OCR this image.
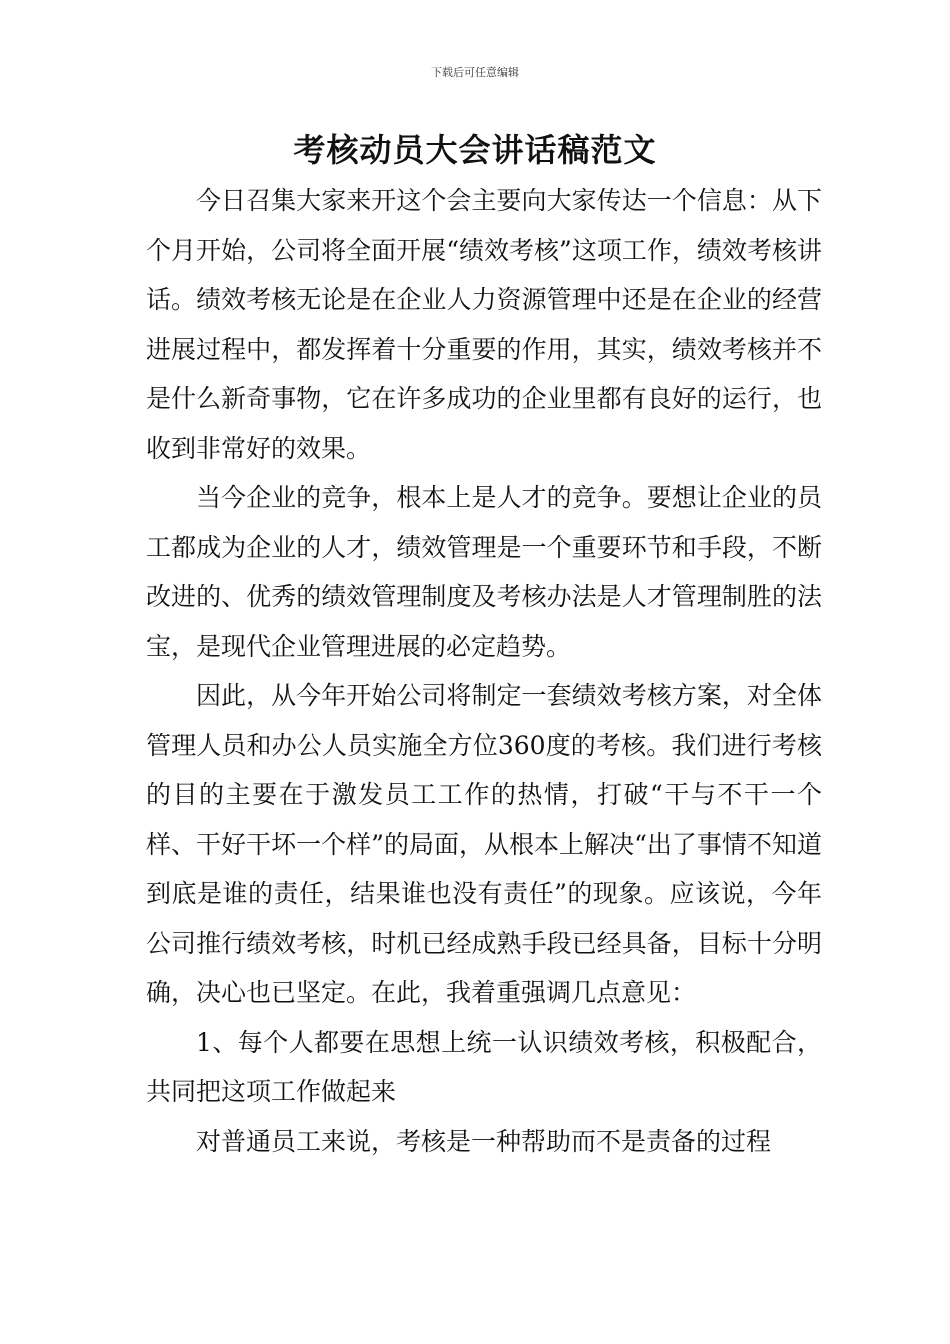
下载后可任意编辑
考核动员大会讲话稿范文

今日召集大家来开这个会主要向大家传达一个信息：从下个月开始，公司将全面开展“绩效考核”这项工作，绩效考核讲话。绩效考核无论是在企业人力资源管理中还是在企业的经营进展过程中，都发挥着十分重要的作用，其实，绩效考核并不是什么新奇事物，它在许多成功的企业里都有良好的运行，也收到非常好的效果。

当今企业的竞争，根本上是人才的竞争。要想让企业的员工都成为企业的人才，绩效管理是一个重要环节和手段，不断改进的、优秀的绩效管理制度及考核办法是人才管理制胜的法宝，是现代企业管理进展的必定趋势。

因此，从今年开始公司将制定一套绩效考核方案，对全体管理人员和办公人员实施全方位360度的考核。我们进行考核的目的主要在于激发员工工作的热情，打破“干与不干一个样、干好干坏一个样”的局面，从根本上解决“出了事情不知道到底是谁的责任，结果谁也没有责任”的现象。应该说，今年公司推行绩效考核，时机已经成熟手段已经具备，目标十分明确，决心也已坚定。在此，我着重强调几点意见：

1、每个人都要在思想上统一认识绩效考核，积极配合，共同把这项工作做起来

对普通员工来说，考核是一种帮助而不是责备的过程
